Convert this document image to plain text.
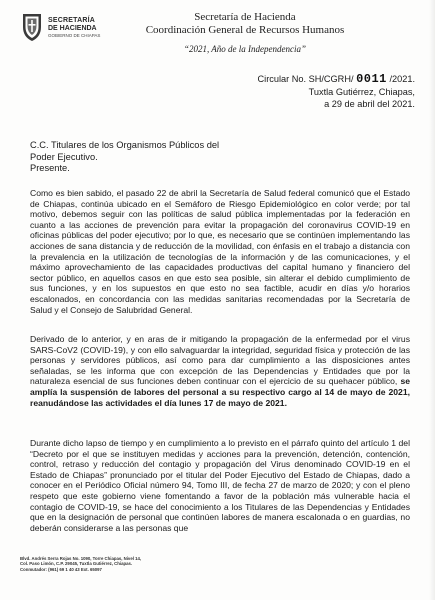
SECRETARÍA
DE HACIENDA
GOBIERNO DE CHIAPAS
Secretaría de Hacienda
Coordinación General de Recursos Humanos
“2021, Año de la Independencia”
Circular No. SH/CGRH/ 0011 /2021.
Tuxtla Gutiérrez, Chiapas,
a 29 de abril del 2021.
C.C. Titulares de los Organismos Públicos del
Poder Ejecutivo.
Presente.
Como es bien sabido, el pasado 22 de abril la Secretaría de Salud federal comunicó que el Estado de Chiapas, continúa ubicado en el Semáforo de Riesgo Epidemiológico en color verde; por tal motivo, debemos seguir con las políticas de salud pública implementadas por la federación en cuanto a las acciones de prevención para evitar la propagación del coronavirus COVID-19 en oficinas públicas del poder ejecutivo; por lo que, es necesario que se continúen implementando las acciones de sana distancia y de reducción de la movilidad, con énfasis en el trabajo a distancia con la prevalencia en la utilización de tecnologías de la información y de las comunicaciones, y el máximo aprovechamiento de las capacidades productivas del capital humano y financiero del sector público, en aquellos casos en que esto sea posible, sin alterar el debido cumplimiento de sus funciones, y en los supuestos en que esto no sea factible, acudir en días y/o horarios escalonados, en concordancia con las medidas sanitarias recomendadas por la Secretaría de Salud y el Consejo de Salubridad General.
Derivado de lo anterior, y en aras de ir mitigando la propagación de la enfermedad por el virus SARS-CoV2 (COVID-19), y con ello salvaguardar la integridad, seguridad física y protección de las personas y servidores públicos, así como para dar cumplimiento a las disposiciones antes señaladas, se les informa que con excepción de las Dependencias y Entidades que por la naturaleza esencial de sus funciones deben continuar con el ejercicio de su quehacer público, se amplía la suspensión de labores del personal a su respectivo cargo al 14 de mayo de 2021, reanudándose las actividades el día lunes 17 de mayo de 2021.
Durante dicho lapso de tiempo y en cumplimiento a lo previsto en el párrafo quinto del artículo 1 del “Decreto por el que se instituyen medidas y acciones para la prevención, detención, contención, control, retraso y reducción del contagio y propagación del Virus denominado COVID-19 en el Estado de Chiapas” pronunciado por el titular del Poder Ejecutivo del Estado de Chiapas, dado a conocer en el Periódico Oficial número 94, Tomo III, de fecha 27 de marzo de 2020; y con el pleno respeto que este gobierno viene fomentando a favor de la población más vulnerable hacia el contagio de COVID-19, se hace del conocimiento a los Titulares de las Dependencias y Entidades que en la designación de personal que continúen labores de manera escalonada o en guardias, no deberán considerarse a las personas que
Blvd. Andrés Serra Rojas No. 1090, Torre Chiapas, Nivel 14,
Col. Paso Limón, C.P. 29045, Tuxtla Gutiérrez, Chiapas.
Conmutador: (961) 69 1 40 43 Ext. 65097
